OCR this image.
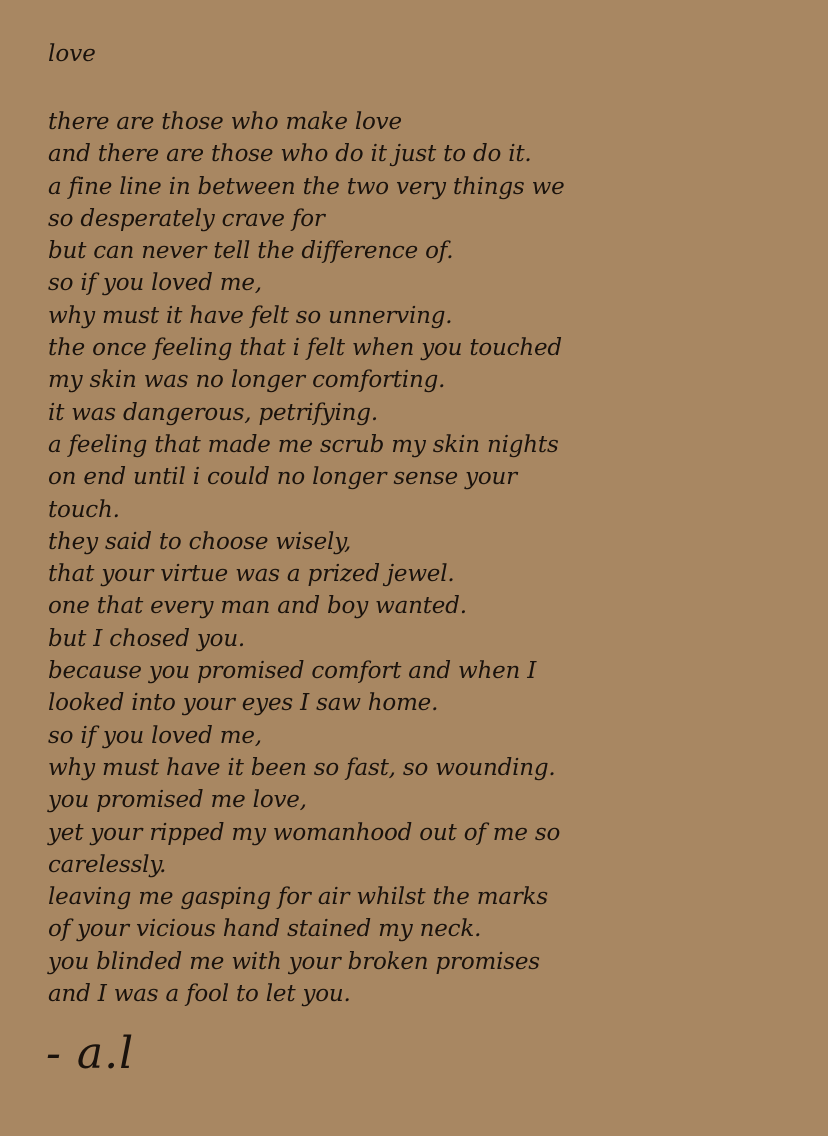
love
there are those who make love
and there are those who do it just to do it.
a fine line in between the two very things we
so desperately crave for
but can never tell the difference of.
so if you loved me,
why must it have felt so unnerving.
the once feeling that i felt when you touched
my skin was no longer comforting.
it was dangerous, petrifying.
a feeling that made me scrub my skin nights
on end until i could no longer sense your
touch.
they said to choose wisely,
that your virtue was a prized jewel.
one that every man and boy wanted.
but I chosed you.
because you promised comfort and when I
looked into your eyes I saw home.
so if you loved me,
why must have it been so fast, so wounding.
you promised me love,
yet your ripped my womanhood out of me so
carelessly.
leaving me gasping for air whilst the marks
of your vicious hand stained my neck.
you blinded me with your broken promises
and I was a fool to let you.
- a.l
